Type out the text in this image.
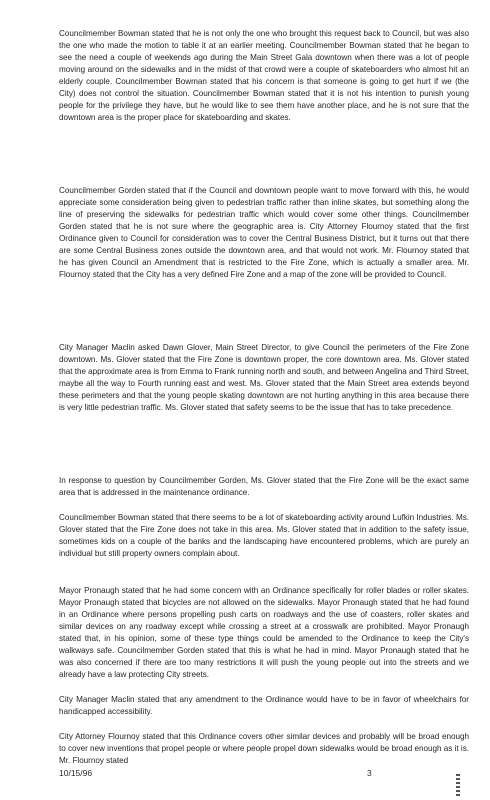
Councilmember Bowman stated that he is not only the one who brought this request back to Council, but was also the one who made the motion to table it at an earlier meeting. Councilmember Bowman stated that he began to see the need a couple of weekends ago during the Main Street Gala downtown when there was a lot of people moving around on the sidewalks and in the midst of that crowd were a couple of skateboarders who almost hit an elderly couple. Councilmember Bowman stated that his concern is that someone is going to get hurt if we (the City) does not control the situation. Councilmember Bowman stated that it is not his intention to punish young people for the privilege they have, but he would like to see them have another place, and he is not sure that the downtown area is the proper place for skateboarding and skates.

Councilmember Gorden stated that if the Council and downtown people want to move forward with this, he would appreciate some consideration being given to pedestrian traffic rather than inline skates, but something along the line of preserving the sidewalks for pedestrian traffic which would cover some other things. Councilmember Gorden stated that he is not sure where the geographic area is. City Attorney Flournoy stated that the first Ordinance given to Council for consideration was to cover the Central Business District, but it turns out that there are some Central Business zones outside the downtown area, and that would not work. Mr. Flournoy stated that he has given Council an Amendment that is restricted to the Fire Zone, which is actually a smaller area. Mr. Flournoy stated that the City has a very defined Fire Zone and a map of the zone will be provided to Council.

City Manager Maclin asked Dawn Glover, Main Street Director, to give Council the perimeters of the Fire Zone downtown. Ms. Glover stated that the Fire Zone is downtown proper, the core downtown area. Ms. Glover stated that the approximate area is from Emma to Frank running north and south, and between Angelina and Third Street, maybe all the way to Fourth running east and west. Ms. Glover stated that the Main Street area extends beyond these perimeters and that the young people skating downtown are not hurting anything in this area because there is very little pedestrian traffic. Ms. Glover stated that safety seems to be the issue that has to take precedence.

In response to question by Councilmember Gorden, Ms. Glover stated that the Fire Zone will be the exact same area that is addressed in the maintenance ordinance.

Councilmember Bowman stated that there seems to be a lot of skateboarding activity around Lufkin Industries. Ms. Glover stated that the Fire Zone does not take in this area. Ms. Glover stated that in addition to the safety issue, sometimes kids on a couple of the banks and the landscaping have encountered problems, which are purely an individual but still property owners complain about.

Mayor Pronaugh stated that he had some concern with an Ordinance specifically for roller blades or roller skates. Mayor Pronaugh stated that bicycles are not allowed on the sidewalks. Mayor Pronaugh stated that he had found in an Ordinance where persons propelling push carts on roadways and the use of coasters, roller skates and similar devices on any roadway except while crossing a street at a crosswalk are prohibited. Mayor Pronaugh stated that, in his opinion, some of these type things could be amended to the Ordinance to keep the City's walkways safe. Councilmember Gorden stated that this is what he had in mind. Mayor Pronaugh stated that he was also concerned if there are too many restrictions it will push the young people out into the streets and we already have a law protecting City streets.

City Manager Maclin stated that any amendment to the Ordinance would have to be in favor of wheelchairs for handicapped accessibility.

City Attorney Flournoy stated that this Ordinance covers other similar devices and probably will be broad enough to cover new inventions that propel people or where people propel down sidewalks would be broad enough as it is. Mr. Flournoy stated

10/15/96	3
